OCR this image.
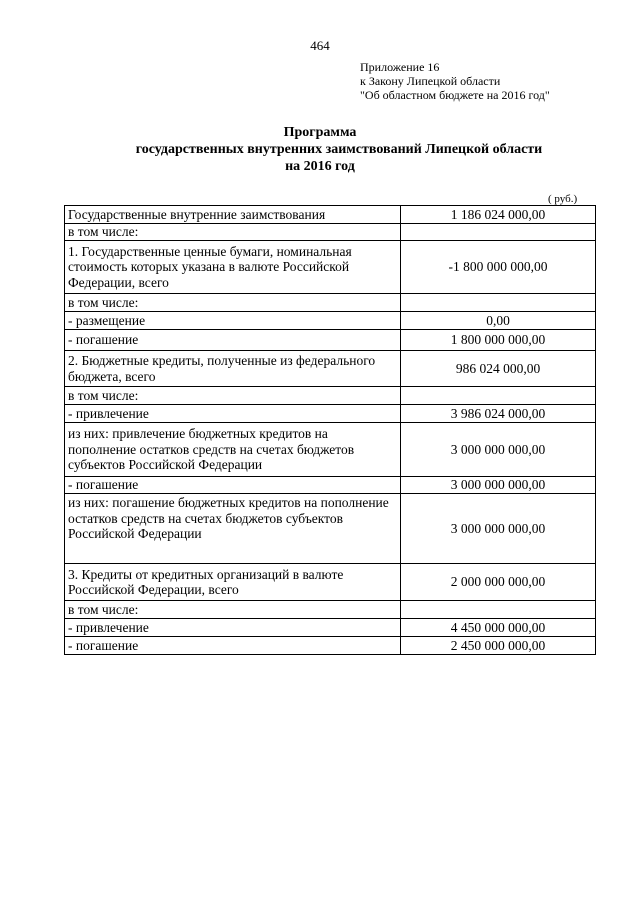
464
Приложение 16
к Закону Липецкой области
"Об областном бюджете на 2016 год"
Программа

государственных внутренних заимствований Липецкой области
на 2016 год
( руб.)
Государственные внутренние заимствования	1 186 024 000,00
в том числе:	
1. Государственные ценные бумаги, номинальная стоимость которых указана в валюте Российской Федерации, всего	-1 800 000 000,00
в том числе:	
- размещение	0,00
- погашение	1 800 000 000,00
2. Бюджетные кредиты, полученные из федерального бюджета, всего	986 024 000,00
в том числе:	
- привлечение	3 986 024 000,00
из них: привлечение бюджетных кредитов на пополнение остатков средств на счетах бюджетов субъектов Российской Федерации	3 000 000 000,00
- погашение	3 000 000 000,00
из них: погашение бюджетных кредитов на пополнение остатков средств на счетах бюджетов субъектов Российской Федерации	3 000 000 000,00
3. Кредиты от кредитных организаций в валюте Российской Федерации, всего	2 000 000 000,00
в том числе:	
- привлечение	4 450 000 000,00
- погашение	2 450 000 000,00
